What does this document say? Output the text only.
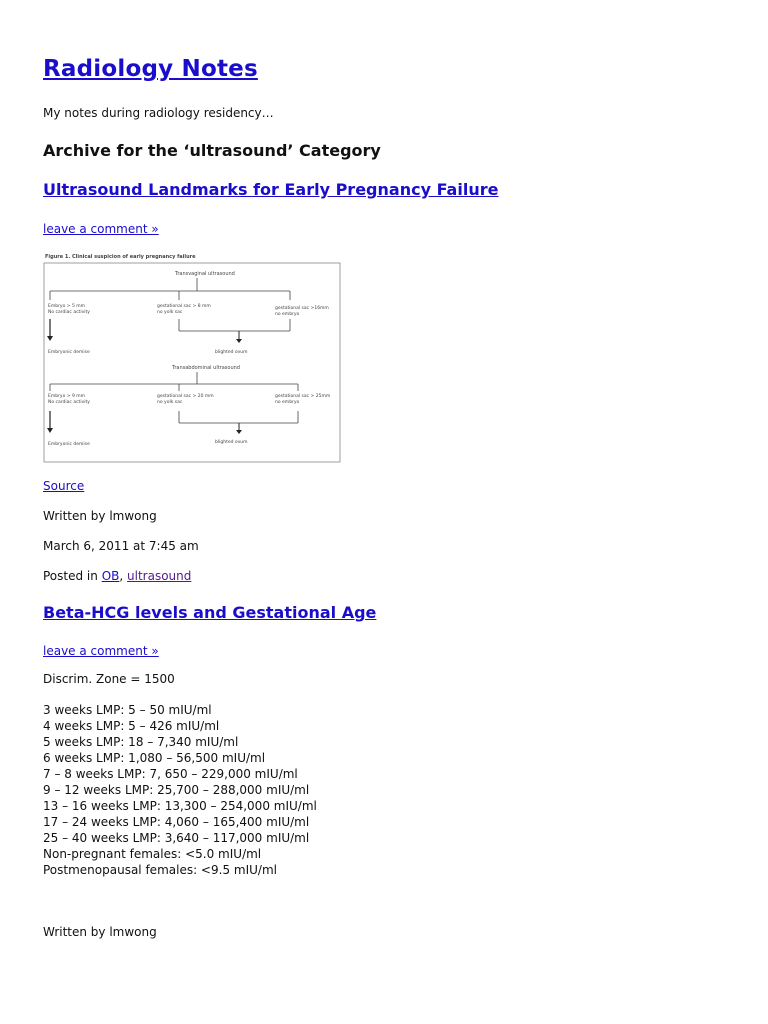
Radiology Notes

My notes during radiology residency…

Archive for the ‘ultrasound’ Category
Ultrasound Landmarks for Early Pregnancy Failure

leave a comment »

Figure 1. Clinical suspicion of early pregnancy failure
Transvaginal ultrasound
Embryo > 5 mm
No cardiac activity
gestational sac > 8 mm
no yolk sac
gestational sac >16mm
no embryo
Embryonic demise	blighted ovum
Transabdominal ultrasound
Embryo > 9 mm
No cardiac activity
gestational sac > 20 mm
no yolk sac
gestational sac > 25mm
no embryo
Embryonic demise	blighted ovum

Source

Written by lmwong

March 6, 2011 at 7:45 am

Posted in OB, ultrasound

Beta-HCG levels and Gestational Age

leave a comment »

Discrim. Zone = 1500

3 weeks LMP: 5 – 50 mIU/ml
4 weeks LMP: 5 – 426 mIU/ml
5 weeks LMP: 18 – 7,340 mIU/ml
6 weeks LMP: 1,080 – 56,500 mIU/ml
7 – 8 weeks LMP: 7, 650 – 229,000 mIU/ml
9 – 12 weeks LMP: 25,700 – 288,000 mIU/ml
13 – 16 weeks LMP: 13,300 – 254,000 mIU/ml
17 – 24 weeks LMP: 4,060 – 165,400 mIU/ml
25 – 40 weeks LMP: 3,640 – 117,000 mIU/ml
Non-pregnant females: <5.0 mIU/ml
Postmenopausal females: <9.5 mIU/ml

Written by lmwong
